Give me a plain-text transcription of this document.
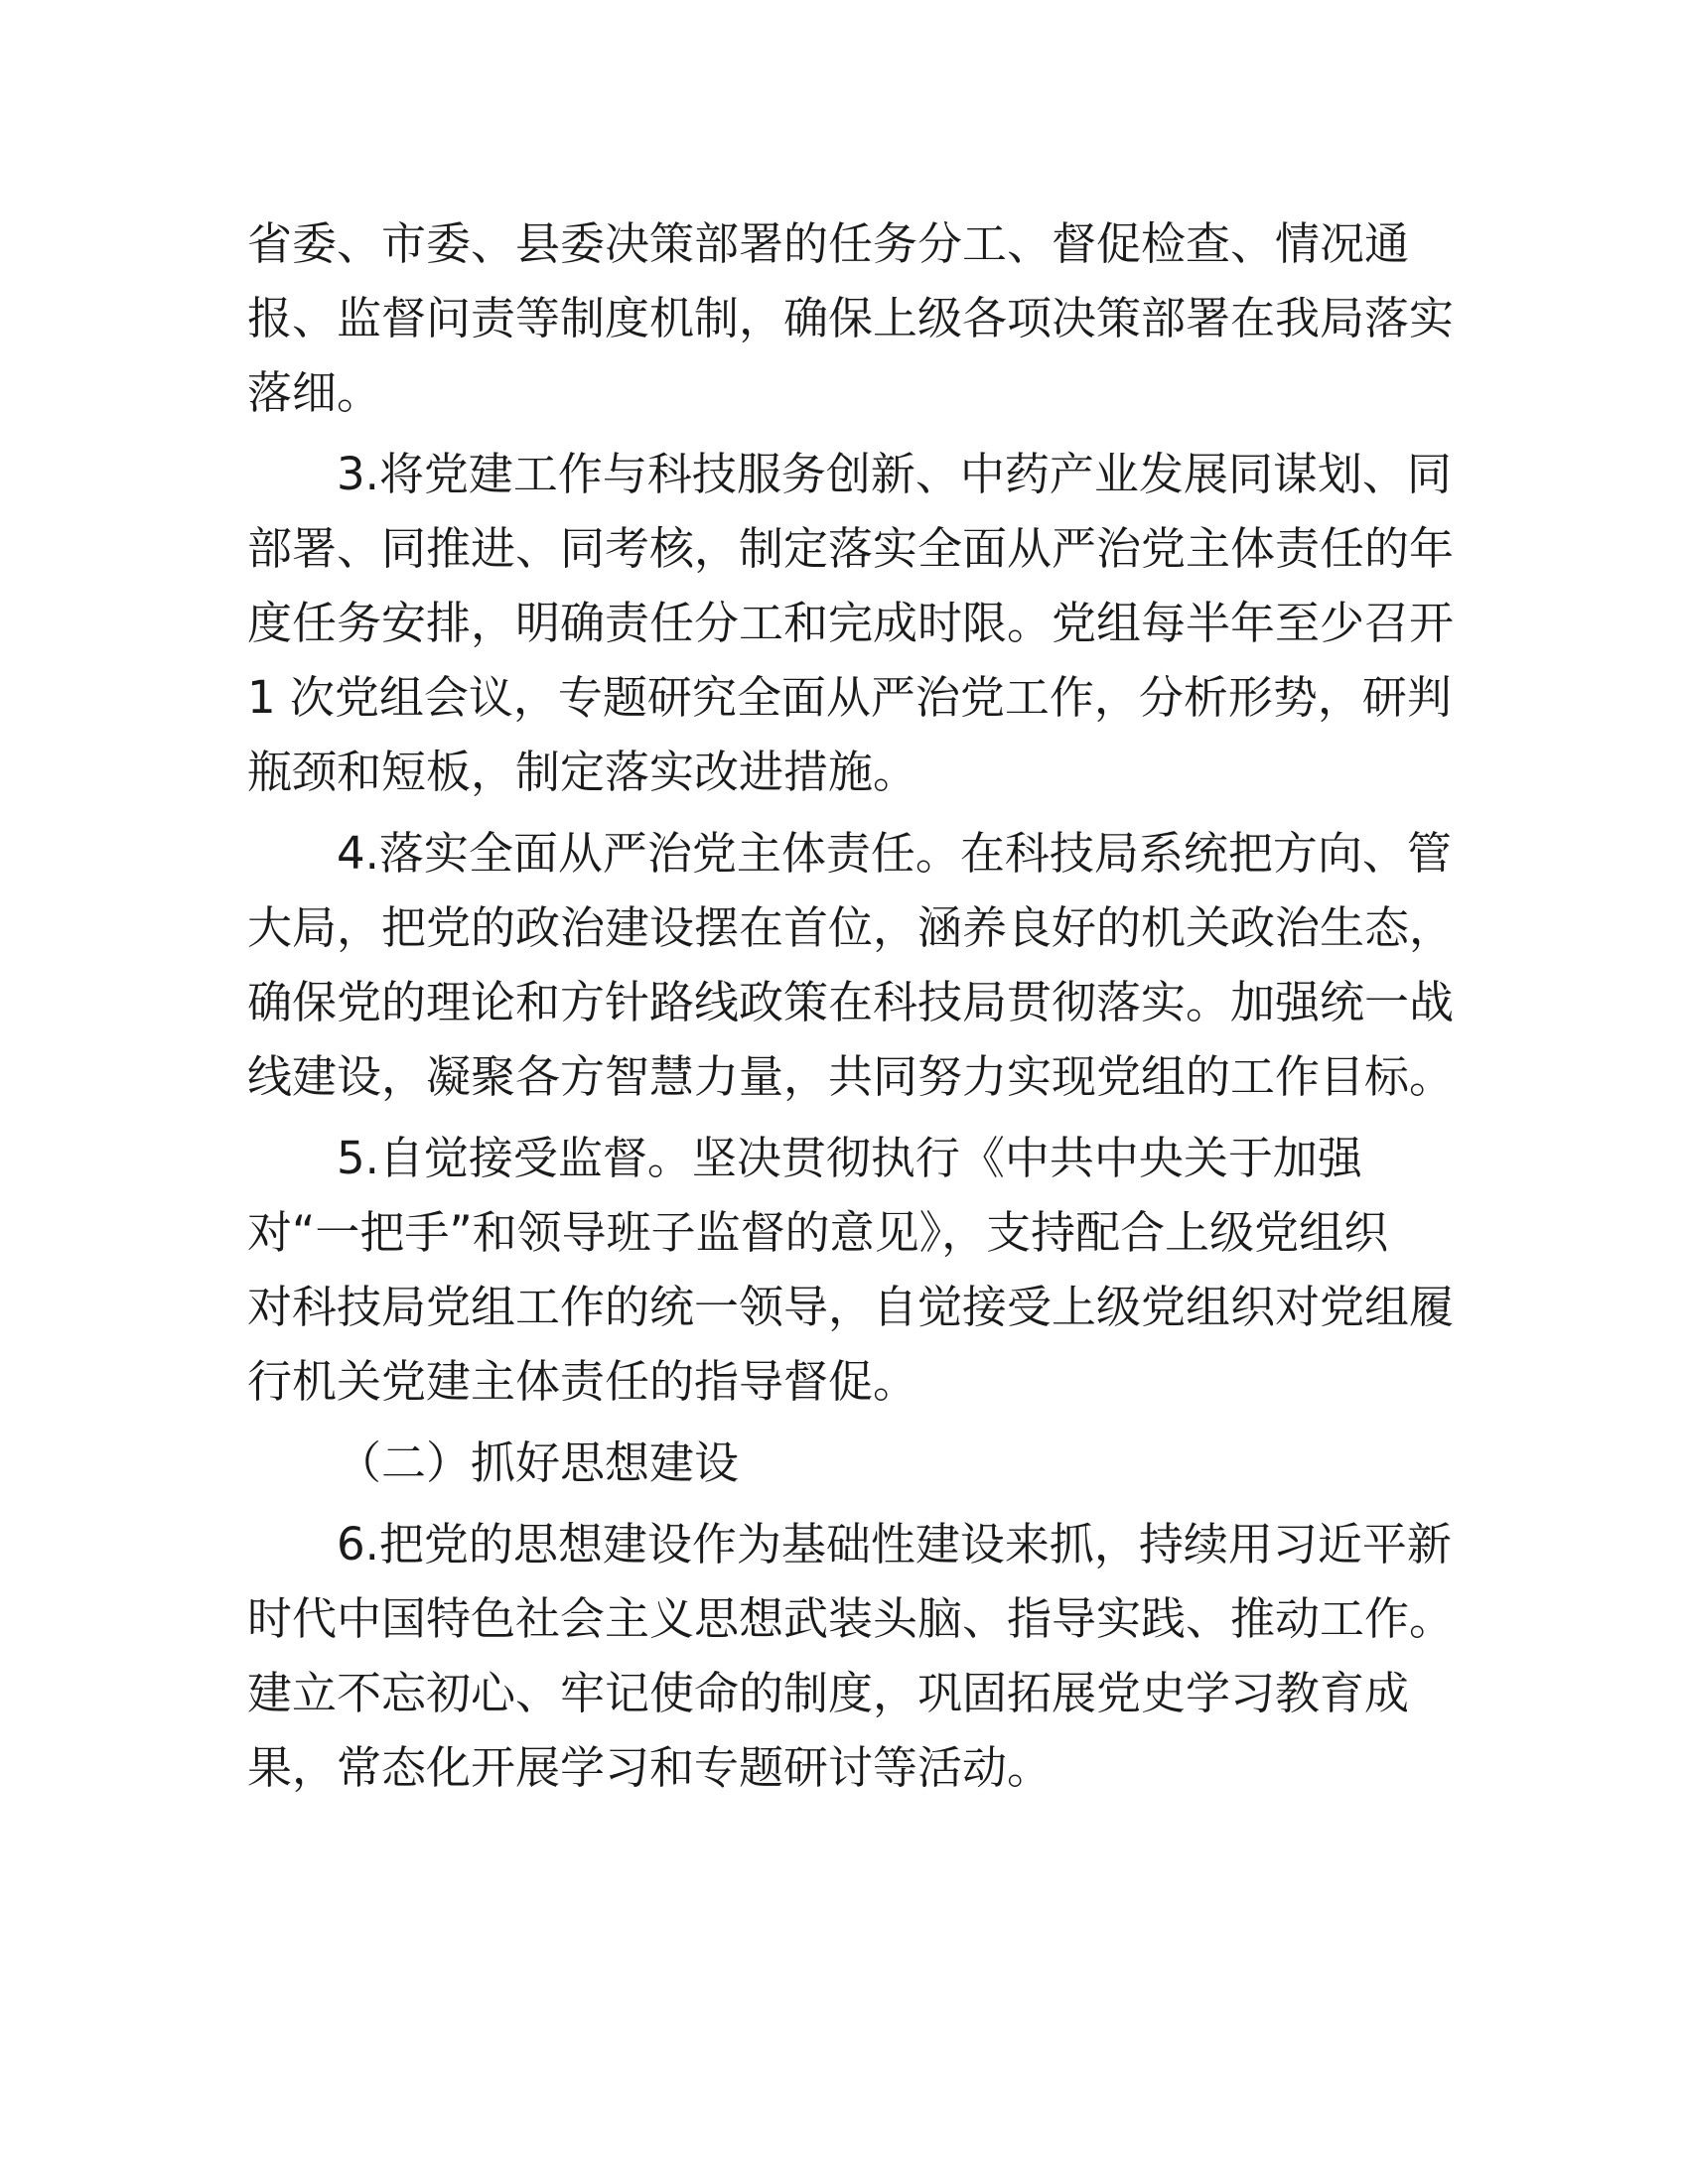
省委、市委、县委决策部署的任务分工、督促检查、情况通
报、监督问责等制度机制，确保上级各项决策部署在我局落实
落细。
3.将党建工作与科技服务创新、中药产业发展同谋划、同
部署、同推进、同考核，制定落实全面从严治党主体责任的年
度任务安排，明确责任分工和完成时限。党组每半年至少召开
1 次党组会议，专题研究全面从严治党工作，分析形势，研判
瓶颈和短板，制定落实改进措施。
4.落实全面从严治党主体责任。在科技局系统把方向、管
大局，把党的政治建设摆在首位，涵养良好的机关政治生态，
确保党的理论和方针路线政策在科技局贯彻落实。加强统一战
线建设，凝聚各方智慧力量，共同努力实现党组的工作目标。
5.自觉接受监督。坚决贯彻执行《中共中央关于加强
对“一把手”和领导班子监督的意见》，支持配合上级党组织
对科技局党组工作的统一领导，自觉接受上级党组织对党组履
行机关党建主体责任的指导督促。
（二）抓好思想建设
6.把党的思想建设作为基础性建设来抓，持续用习近平新
时代中国特色社会主义思想武装头脑、指导实践、推动工作。
建立不忘初心、牢记使命的制度，巩固拓展党史学习教育成
果，常态化开展学习和专题研讨等活动。
